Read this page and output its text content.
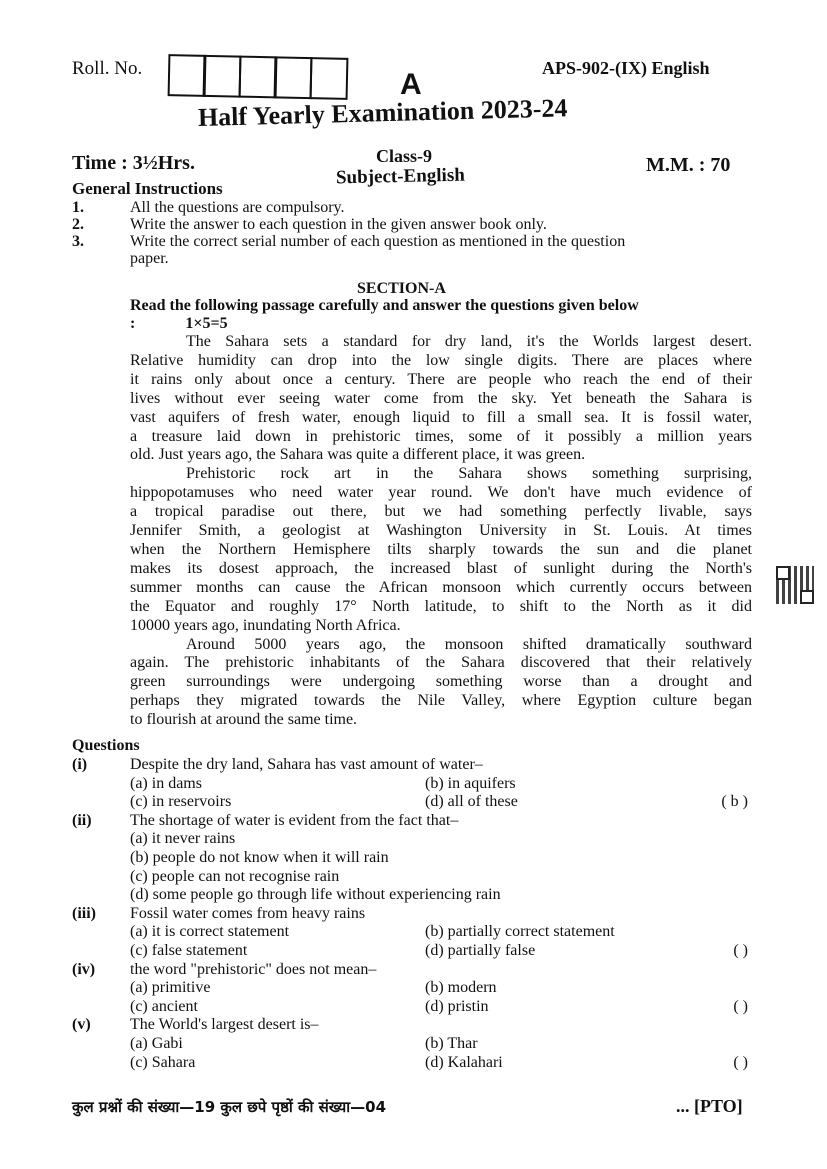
Roll. No.	A	APS-902-(IX) English
Half Yearly Examination 2023-24
Time : 3½Hrs.	Class-9
Subject-English	M.M. : 70
General Instructions
1.	All the questions are compulsory.
2.	Write the answer to each question in the given answer book only.
3.	Write the correct serial number of each question as mentioned in the question
paper.
SECTION-A
Read the following passage carefully and answer the questions given below
:	1×5=5
The Sahara sets a standard for dry land, it's the Worlds largest desert.
Relative humidity can drop into the low single digits. There are places where
it rains only about once a century. There are people who reach the end of their
lives without ever seeing water come from the sky. Yet beneath the Sahara is
vast aquifers of fresh water, enough liquid to fill a small sea. It is fossil water,
a treasure laid down in prehistoric times, some of it possibly a million years
old. Just years ago, the Sahara was quite a different place, it was green.
Prehistoric rock art in the Sahara shows something surprising,
hippopotamuses who need water year round. We don't have much evidence of
a tropical paradise out there, but we had something perfectly livable, says
Jennifer Smith, a geologist at Washington University in St. Louis. At times
when the Northern Hemisphere tilts sharply towards the sun and die planet
makes its dosest approach, the increased blast of sunlight during the North's
summer months can cause the African monsoon which currently occurs between
the Equator and roughly 17° North latitude, to shift to the North as it did
10000 years ago, inundating North Africa.
Around 5000 years ago, the monsoon shifted dramatically southward
again. The prehistoric inhabitants of the Sahara discovered that their relatively
green surroundings were undergoing something worse than a drought and
perhaps they migrated towards the Nile Valley, where Egyption culture began
to flourish at around the same time.
Questions
(i)	Despite the dry land, Sahara has vast amount of water–
(a) in dams	(b) in aquifers
(c) in reservoirs	(d) all of these	( b )
(ii)	The shortage of water is evident from the fact that–
(a) it never rains
(b) people do not know when it will rain
(c) people can not recognise rain
(d) some people go through life without experiencing rain
(iii)	Fossil water comes from heavy rains
(a) it is correct statement	(b) partially correct statement
(c) false statement	(d) partially false	( )
(iv)	the word "prehistoric" does not mean–
(a) primitive	(b) modern
(c) ancient	(d) pristin	( )
(v)	The World's largest desert is–
(a) Gabi	(b) Thar
(c) Sahara	(d) Kalahari	( )
कुल प्रश्नों की संख्या—19 कुल छपे पृष्ठों की संख्या—04	... [PTO]
